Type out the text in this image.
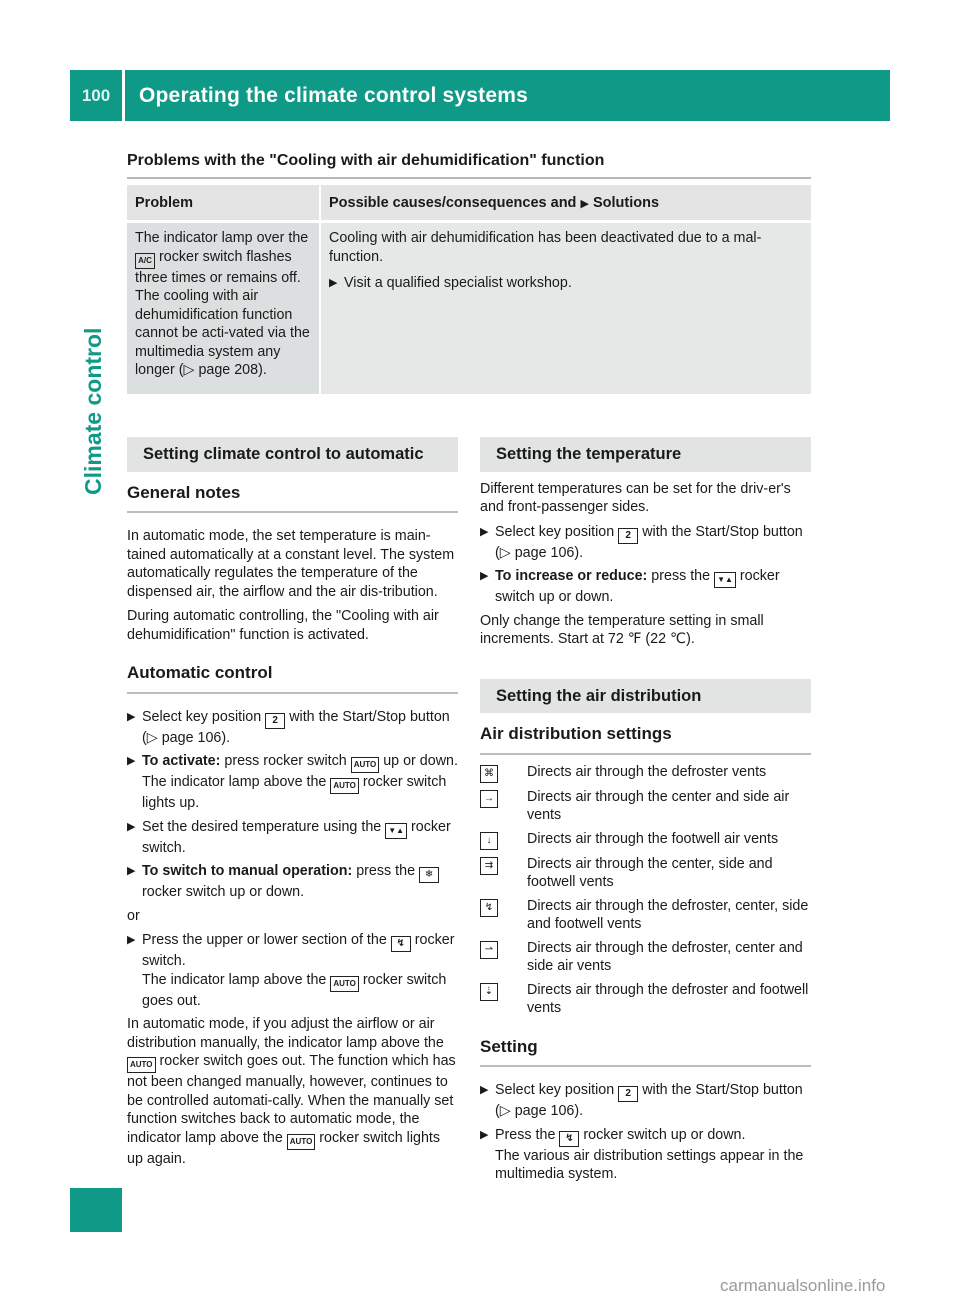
100	Operating the climate control systems
Climate control
Problems with the "Cooling with air dehumidification" function
Problem	Possible causes/consequences and ▶ Solutions
The indicator lamp over the A/C rocker switch flashes three times or remains off. The cooling with air dehumidification function cannot be acti-vated via the multimedia system any longer (▷ page 208).	Cooling with air dehumidification has been deactivated due to a mal-function.

▶ Visit a qualified specialist workshop.
Setting climate control to automatic
General notes

In automatic mode, the set temperature is main-tained automatically at a constant level. The system automatically regulates the temperature of the dispensed air, the airflow and the air dis-tribution.

During automatic controlling, the "Cooling with air dehumidification" function is activated.

Automatic control
▶ Select key position 2 with the Start/Stop button (▷ page 106).
▶ To activate: press rocker switch AUTO up or down.
The indicator lamp above the AUTO rocker switch lights up.
▶ Set the desired temperature using the ▼▲ rocker switch.
▶ To switch to manual operation: press the ❄ rocker switch up or down.

or

▶ Press the upper or lower section of the ↯ rocker switch.
The indicator lamp above the AUTO rocker switch goes out.

In automatic mode, if you adjust the airflow or air distribution manually, the indicator lamp above the AUTO rocker switch goes out. The function which has not been changed manually, however, continues to be controlled automati-cally. When the manually set function switches back to automatic mode, the indicator lamp above the AUTO rocker switch lights up again.

Setting the temperature

Different temperatures can be set for the driv-er's and front-passenger sides.

▶ Select key position 2 with the Start/Stop button (▷ page 106).
▶ To increase or reduce: press the ▼▲ rocker switch up or down.

Only change the temperature setting in small increments. Start at 72 ℉ (22 ℃).

Setting the air distribution
Air distribution settings
⌘	Directs air through the defroster vents
→	Directs air through the center and side air vents
↓	Directs air through the footwell air vents
⇉	Directs air through the center, side and footwell vents
↯	Directs air through the defroster, center, side and footwell vents
⇀	Directs air through the defroster, center and side air vents
⇣	Directs air through the defroster and footwell vents
Setting
▶ Select key position 2 with the Start/Stop button (▷ page 106).
▶ Press the ↯ rocker switch up or down.
The various air distribution settings appear in the multimedia system.
carmanualsonline.info
